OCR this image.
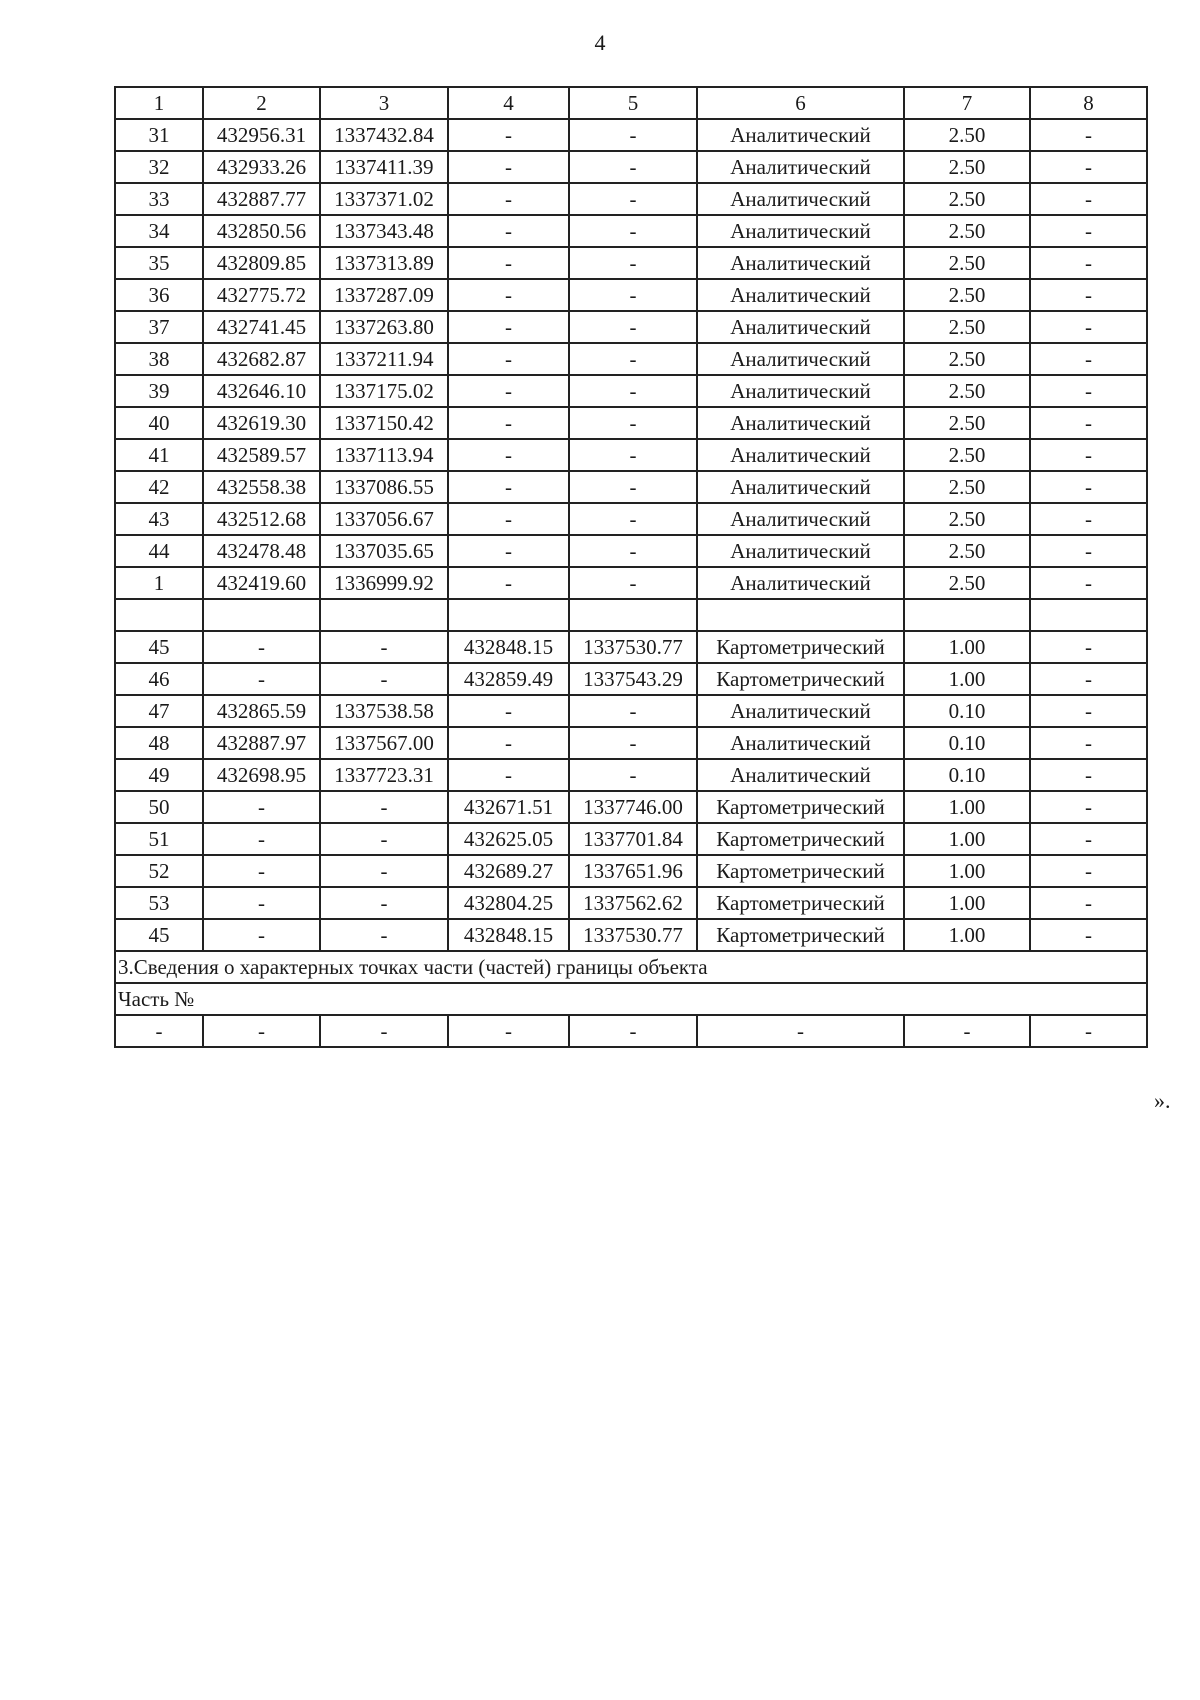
4
1	2	3	4	5	6	7	8
31	432956.31	1337432.84	-	-	Аналитический	2.50	-
32	432933.26	1337411.39	-	-	Аналитический	2.50	-
33	432887.77	1337371.02	-	-	Аналитический	2.50	-
34	432850.56	1337343.48	-	-	Аналитический	2.50	-
35	432809.85	1337313.89	-	-	Аналитический	2.50	-
36	432775.72	1337287.09	-	-	Аналитический	2.50	-
37	432741.45	1337263.80	-	-	Аналитический	2.50	-
38	432682.87	1337211.94	-	-	Аналитический	2.50	-
39	432646.10	1337175.02	-	-	Аналитический	2.50	-
40	432619.30	1337150.42	-	-	Аналитический	2.50	-
41	432589.57	1337113.94	-	-	Аналитический	2.50	-
42	432558.38	1337086.55	-	-	Аналитический	2.50	-
43	432512.68	1337056.67	-	-	Аналитический	2.50	-
44	432478.48	1337035.65	-	-	Аналитический	2.50	-
1	432419.60	1336999.92	-	-	Аналитический	2.50	-

45	-	-	432848.15	1337530.77	Картометрический	1.00	-
46	-	-	432859.49	1337543.29	Картометрический	1.00	-
47	432865.59	1337538.58	-	-	Аналитический	0.10	-
48	432887.97	1337567.00	-	-	Аналитический	0.10	-
49	432698.95	1337723.31	-	-	Аналитический	0.10	-
50	-	-	432671.51	1337746.00	Картометрический	1.00	-
51	-	-	432625.05	1337701.84	Картометрический	1.00	-
52	-	-	432689.27	1337651.96	Картометрический	1.00	-
53	-	-	432804.25	1337562.62	Картометрический	1.00	-
45	-	-	432848.15	1337530.77	Картометрический	1.00	-
3.Сведения о характерных точках части (частей) границы объекта							
Часть №							
-	-	-	-	-	-	-	-
».
